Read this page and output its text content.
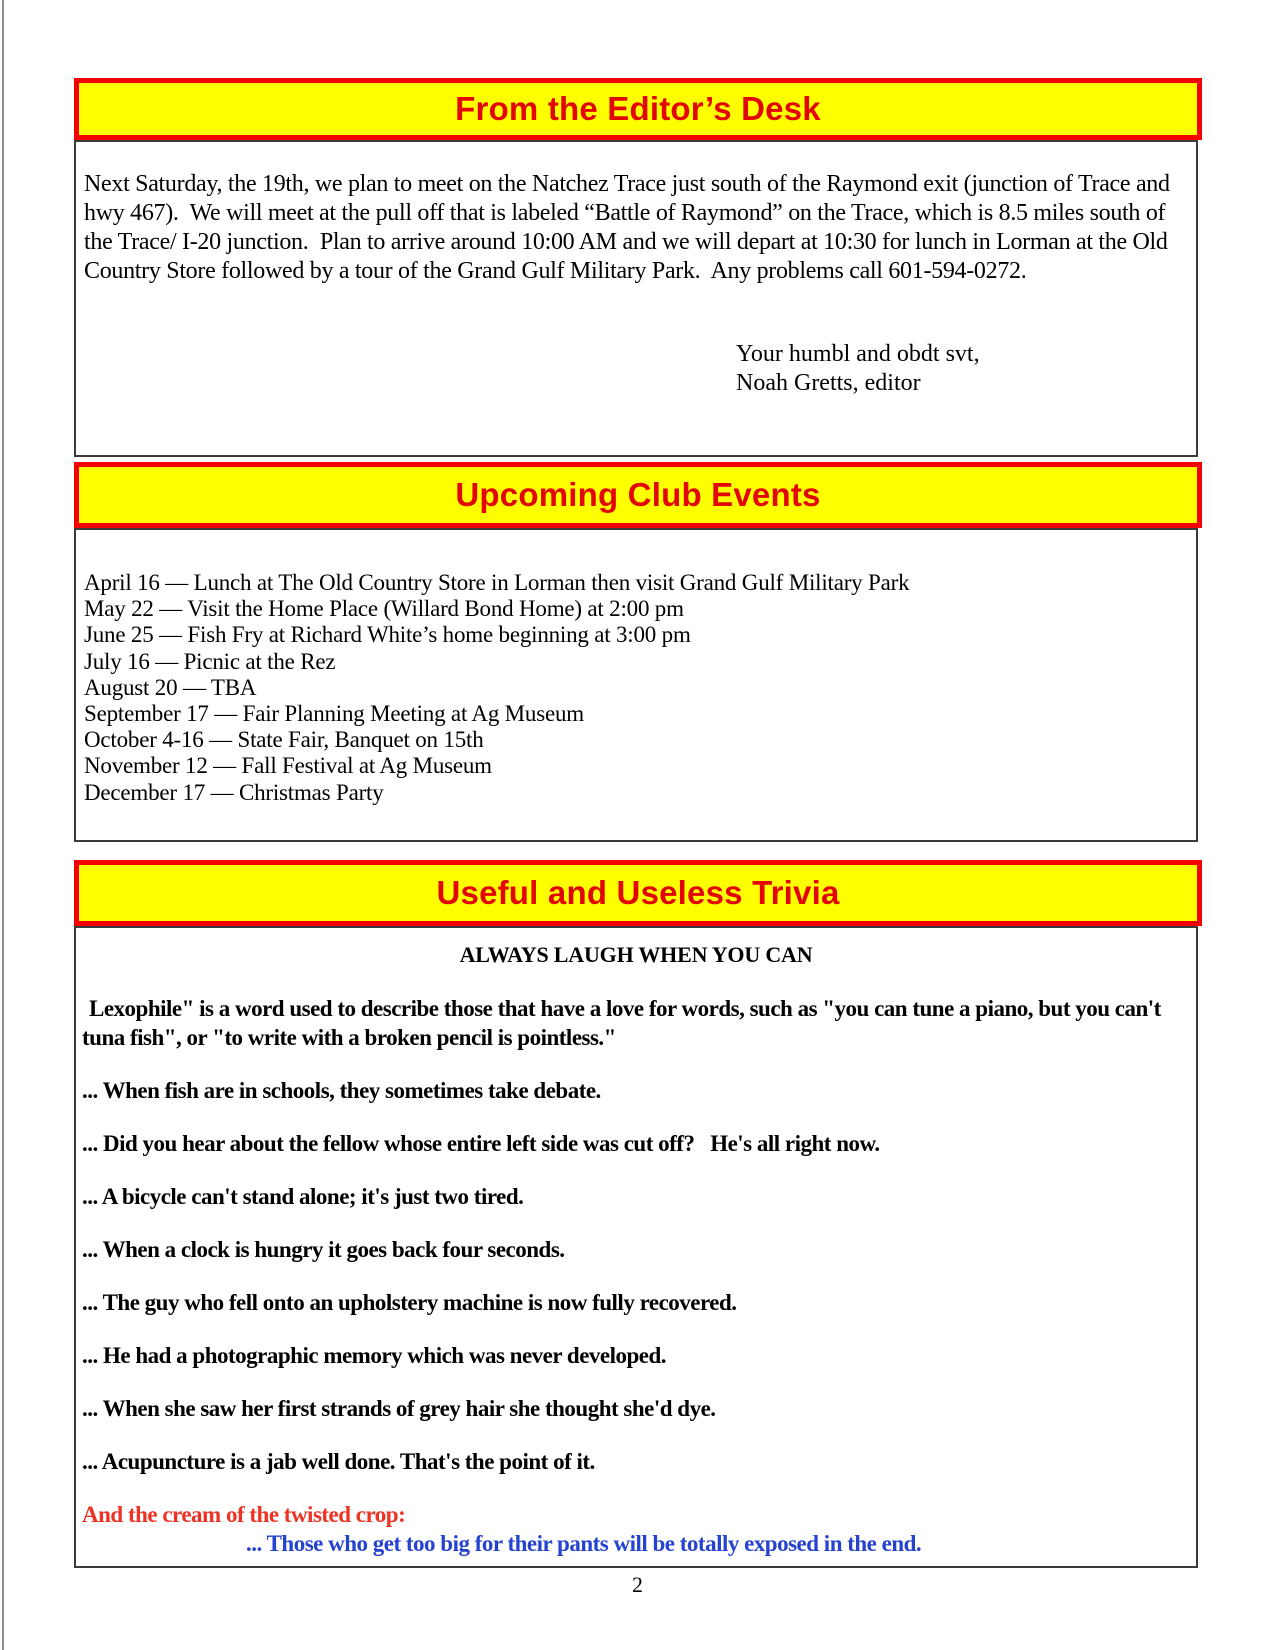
From the Editor’s Desk
Next Saturday, the 19th, we plan to meet on the Natchez Trace just south of the Raymond exit (junction of Trace and hwy 467).  We will meet at the pull off that is labeled “Battle of Raymond” on the Trace, which is 8.5 miles south of the Trace/ I-20 junction.  Plan to arrive around 10:00 AM and we will depart at 10:30 for lunch in Lorman at the Old Country Store followed by a tour of the Grand Gulf Military Park.  Any problems call 601-594-0272.
Your humbl and obdt svt,
Noah Gretts, editor
Upcoming Club Events
April 16 — Lunch at The Old Country Store in Lorman then visit Grand Gulf Military Park
May 22 — Visit the Home Place (Willard Bond Home) at 2:00 pm
June 25 — Fish Fry at Richard White’s home beginning at 3:00 pm
July 16 — Picnic at the Rez
August 20 — TBA
September 17 — Fair Planning Meeting at Ag Museum
October 4-16 — State Fair, Banquet on 15th
November 12 — Fall Festival at Ag Museum
December 17 — Christmas Party
Useful and Useless Trivia
ALWAYS LAUGH WHEN YOU CAN
Lexophile" is a word used to describe those that have a love for words, such as "you can tune a piano, but you can't tuna fish", or "to write with a broken pencil is pointless."
... When fish are in schools, they sometimes take debate.
... Did you hear about the fellow whose entire left side was cut off?   He's all right now.
... A bicycle can't stand alone; it's just two tired.
... When a clock is hungry it goes back four seconds.
... The guy who fell onto an upholstery machine is now fully recovered.
... He had a photographic memory which was never developed.
... When she saw her first strands of grey hair she thought she'd dye.
... Acupuncture is a jab well done. That's the point of it.
And the cream of the twisted crop:
... Those who get too big for their pants will be totally exposed in the end.
2
